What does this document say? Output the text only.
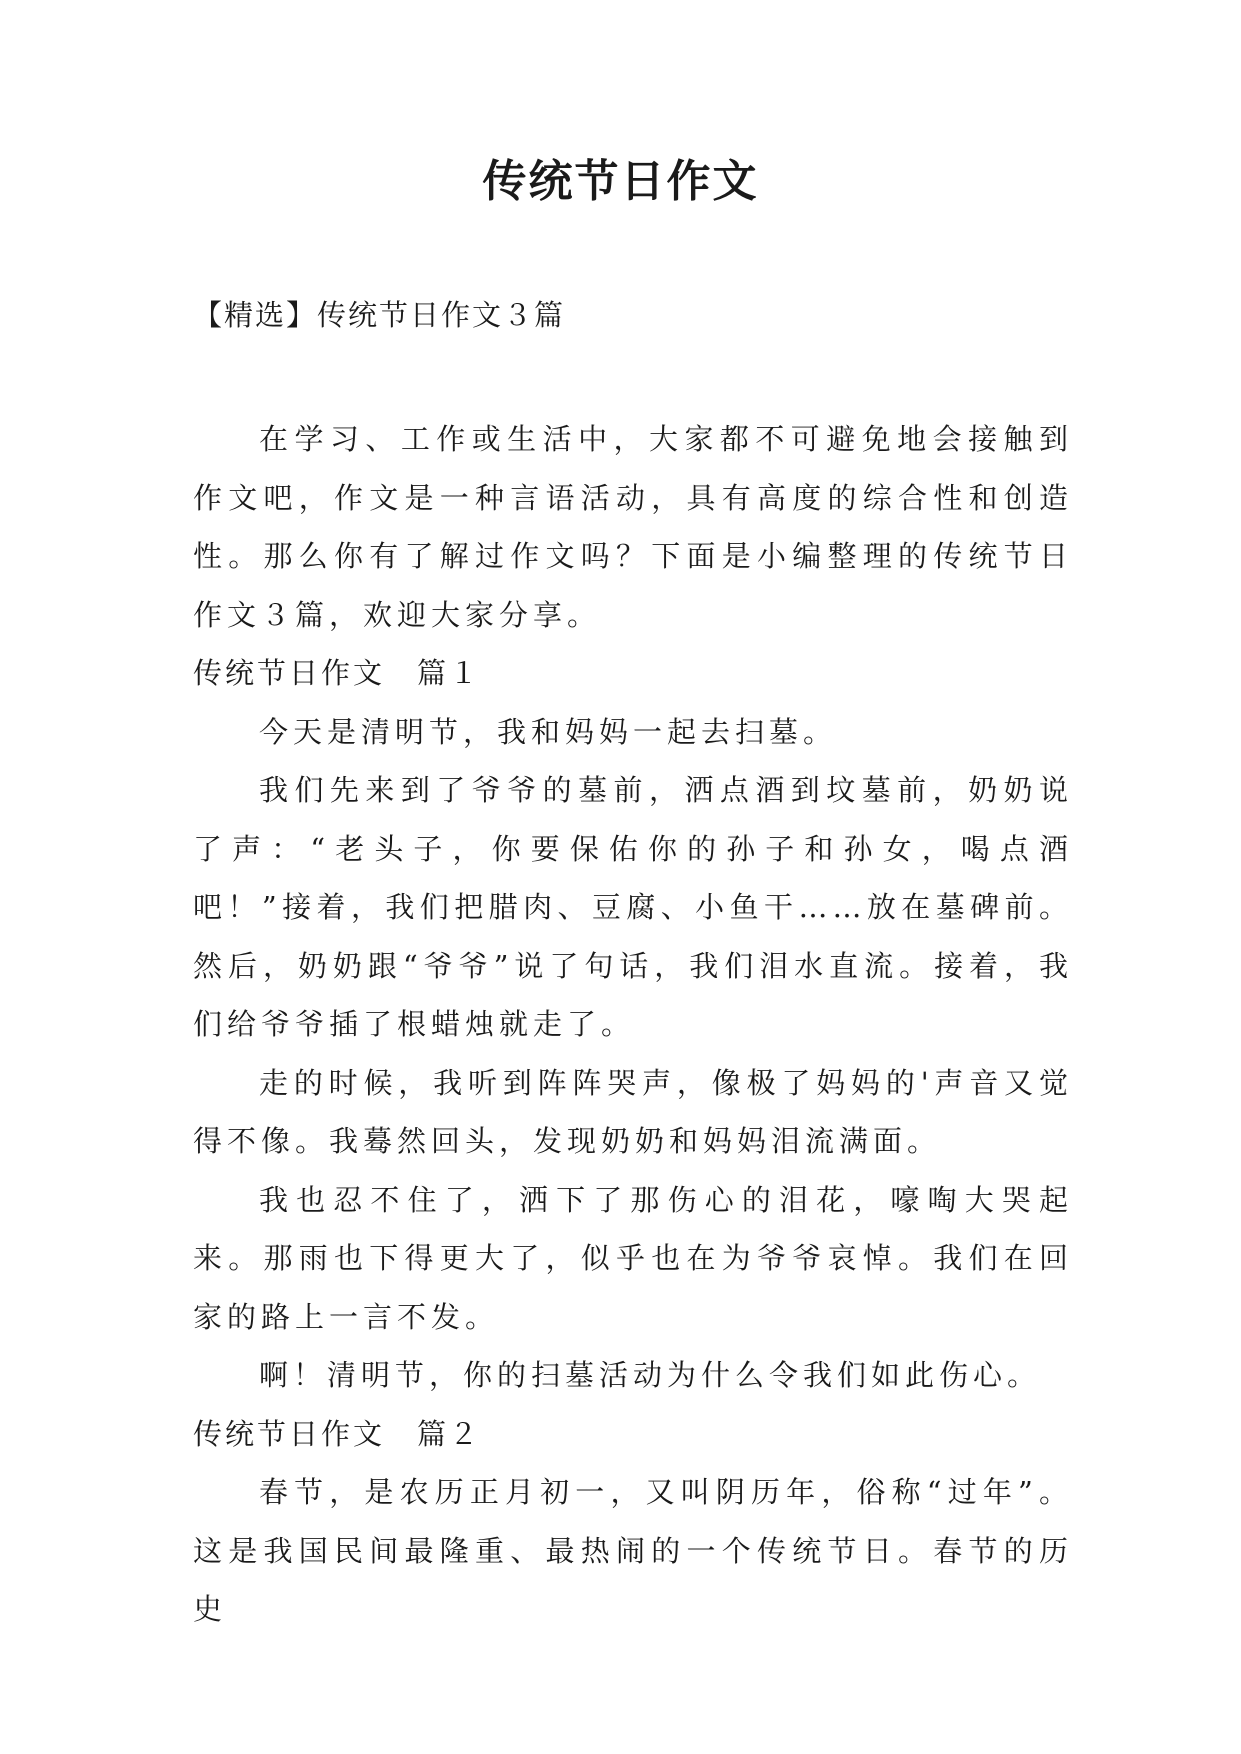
传统节日作文
【精选】传统节日作文３篇

在学习、工作或生活中，大家都不可避免地会接触到作文吧，作文是一种言语活动，具有高度的综合性和创造性。那么你有了解过作文吗？下面是小编整理的传统节日作文３篇，欢迎大家分享。

传统节日作文　篇１

今天是清明节，我和妈妈一起去扫墓。

我们先来到了爷爷的墓前，洒点酒到坟墓前，奶奶说了声：“老头子，你要保佑你的孙子和孙女，喝点酒吧！”接着，我们把腊肉、豆腐、小鱼干……放在墓碑前。然后，奶奶跟“爷爷”说了句话，我们泪水直流。接着，我们给爷爷插了根蜡烛就走了。

走的时候，我听到阵阵哭声，像极了妈妈的'声音又觉得不像。我蓦然回头，发现奶奶和妈妈泪流满面。

我也忍不住了，洒下了那伤心的泪花，嚎啕大哭起来。那雨也下得更大了，似乎也在为爷爷哀悼。我们在回家的路上一言不发。

啊！清明节，你的扫墓活动为什么令我们如此伤心。

传统节日作文　篇２

春节，是农历正月初一，又叫阴历年，俗称“过年”。这是我国民间最隆重、最热闹的一个传统节日。春节的历史
